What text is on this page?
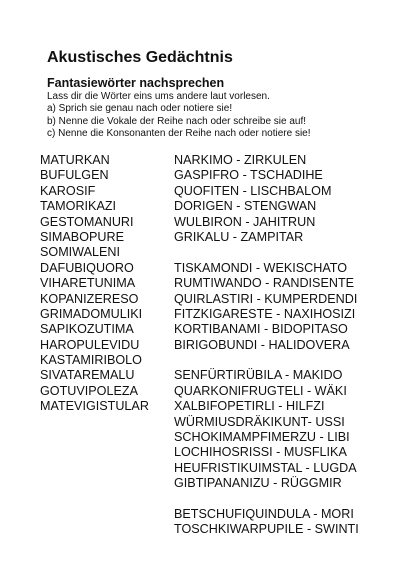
Akustisches Gedächtnis
Fantasiewörter nachsprechen
Lass dir die Wörter eins ums andere laut vorlesen.
a) Sprich sie genau nach oder notiere sie!
b) Nenne die Vokale der Reihe nach oder schreibe sie auf!
c) Nenne die Konsonanten der Reihe nach oder notiere sie!
MATURKAN
BUFULGEN
KAROSIF
TAMORIKAZI
GESTOMANURI
SIMABOPURE
SOMIWALENI
DAFUBIQUORO
VIHARETUNIMA
KOPANIZERESO
GRIMADOMULIKI
SAPIKOZUTIMA
HAROPULEVIDU
KASTAMIRIBOLO
SIVATAREMALU
GOTUVIPOLEZA
MATEVIGISTULAR
NARKIMO - ZIRKULEN
GASPIFRO - TSCHADIHE
QUOFITEN - LISCHBALOM
DORIGEN - STENGWAN
WULBIRON - JAHITRUN
GRIKALU - ZAMPITAR
TISKAMONDI - WEKISCHATO
RUMTIWANDO - RANDISENTE
QUIRLASTIRI - KUMPERDENDI
FITZKIGARESTE - NAXIHOSIZI
KORTIBANAMI - BIDOPITASO
BIRIGOBUNDI - HALIDOVERA
SENFÜRTIRÜBILA - MAKIDO
QUARKONIFRUGTELI - WÄKI
XALBIFOPETIRLI - HILFZI
WÜRMIUSDRÄKIKUNT- USSI
SCHOKIMAMPFIMERZU - LIBI
LOCHIHOSRISSI - MUSFLIKA
HEUFRISTIKUIMSTAL - LUGDA
GIBTIPANANIZU - RÜGGMIR
BETSCHUFIQUINDULA - MORI
TOSCHKIWARPUPILE - SWINTI
